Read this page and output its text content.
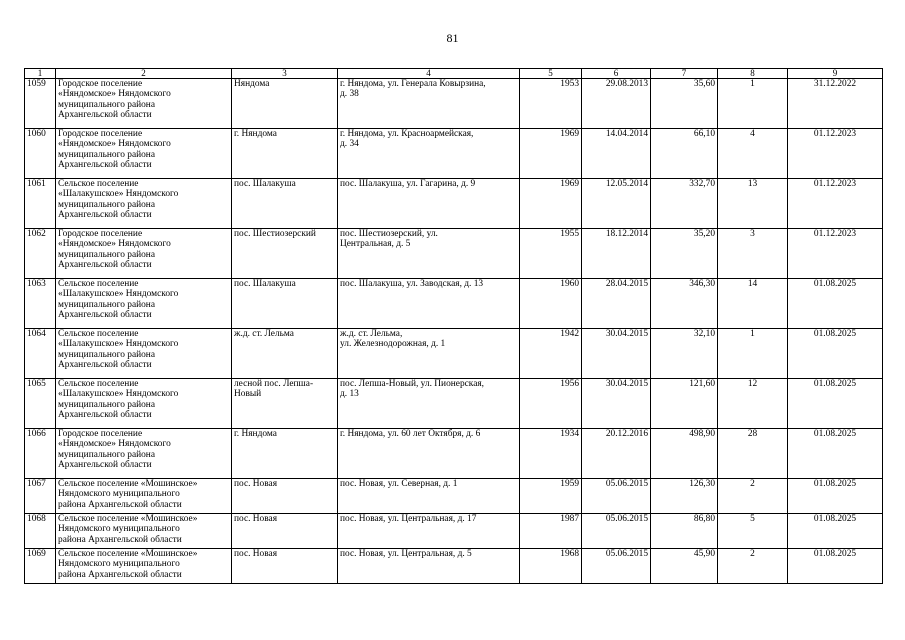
81
1	2	3	4	5	6	7	8	9
1059	Городское поселение
«Няндомское» Няндомского
муниципального района
Архангельской области	Няндома	г. Няндома, ул. Генерала Ковырзина,
д. 38	1953	29.08.2013	35,60	1	31.12.2022
1060	Городское поселение
«Няндомское» Няндомского
муниципального района
Архангельской области	г. Няндома	г. Няндома, ул. Красноармейская,
д. 34	1969	14.04.2014	66,10	4	01.12.2023
1061	Сельское поселение
«Шалакушское» Няндомского
муниципального района
Архангельской области	пос. Шалакуша	пос. Шалакуша, ул. Гагарина, д. 9	1969	12.05.2014	332,70	13	01.12.2023
1062	Городское поселение
«Няндомское» Няндомского
муниципального района
Архангельской области	пос. Шестиозерский	пос. Шестиозерский, ул.
Центральная, д. 5	1955	18.12.2014	35,20	3	01.12.2023
1063	Сельское поселение
«Шалакушское» Няндомского
муниципального района
Архангельской области	пос. Шалакуша	пос. Шалакуша, ул. Заводская, д. 13	1960	28.04.2015	346,30	14	01.08.2025
1064	Сельское поселение
«Шалакушское» Няндомского
муниципального района
Архангельской области	ж.д. ст. Лельма	ж.д. ст. Лельма,
ул. Железнодорожная, д. 1	1942	30.04.2015	32,10	1	01.08.2025
1065	Сельское поселение
«Шалакушское» Няндомского
муниципального района
Архангельской области	лесной пос. Лепша-
Новый	пос. Лепша-Новый, ул. Пионерская,
д. 13	1956	30.04.2015	121,60	12	01.08.2025
1066	Городское поселение
«Няндомское» Няндомского
муниципального района
Архангельской области	г. Няндома	г. Няндома, ул. 60 лет Октября, д. 6	1934	20.12.2016	498,90	28	01.08.2025
1067	Сельское поселение «Мошинское»
Няндомского муниципального
района Архангельской области	пос. Новая	пос. Новая, ул. Северная, д. 1	1959	05.06.2015	126,30	2	01.08.2025
1068	Сельское поселение «Мошинское»
Няндомского муниципального
района Архангельской области	пос. Новая	пос. Новая, ул. Центральная, д. 17	1987	05.06.2015	86,80	5	01.08.2025
1069	Сельское поселение «Мошинское»
Няндомского муниципального
района Архангельской области	пос. Новая	пос. Новая, ул. Центральная, д. 5	1968	05.06.2015	45,90	2	01.08.2025
